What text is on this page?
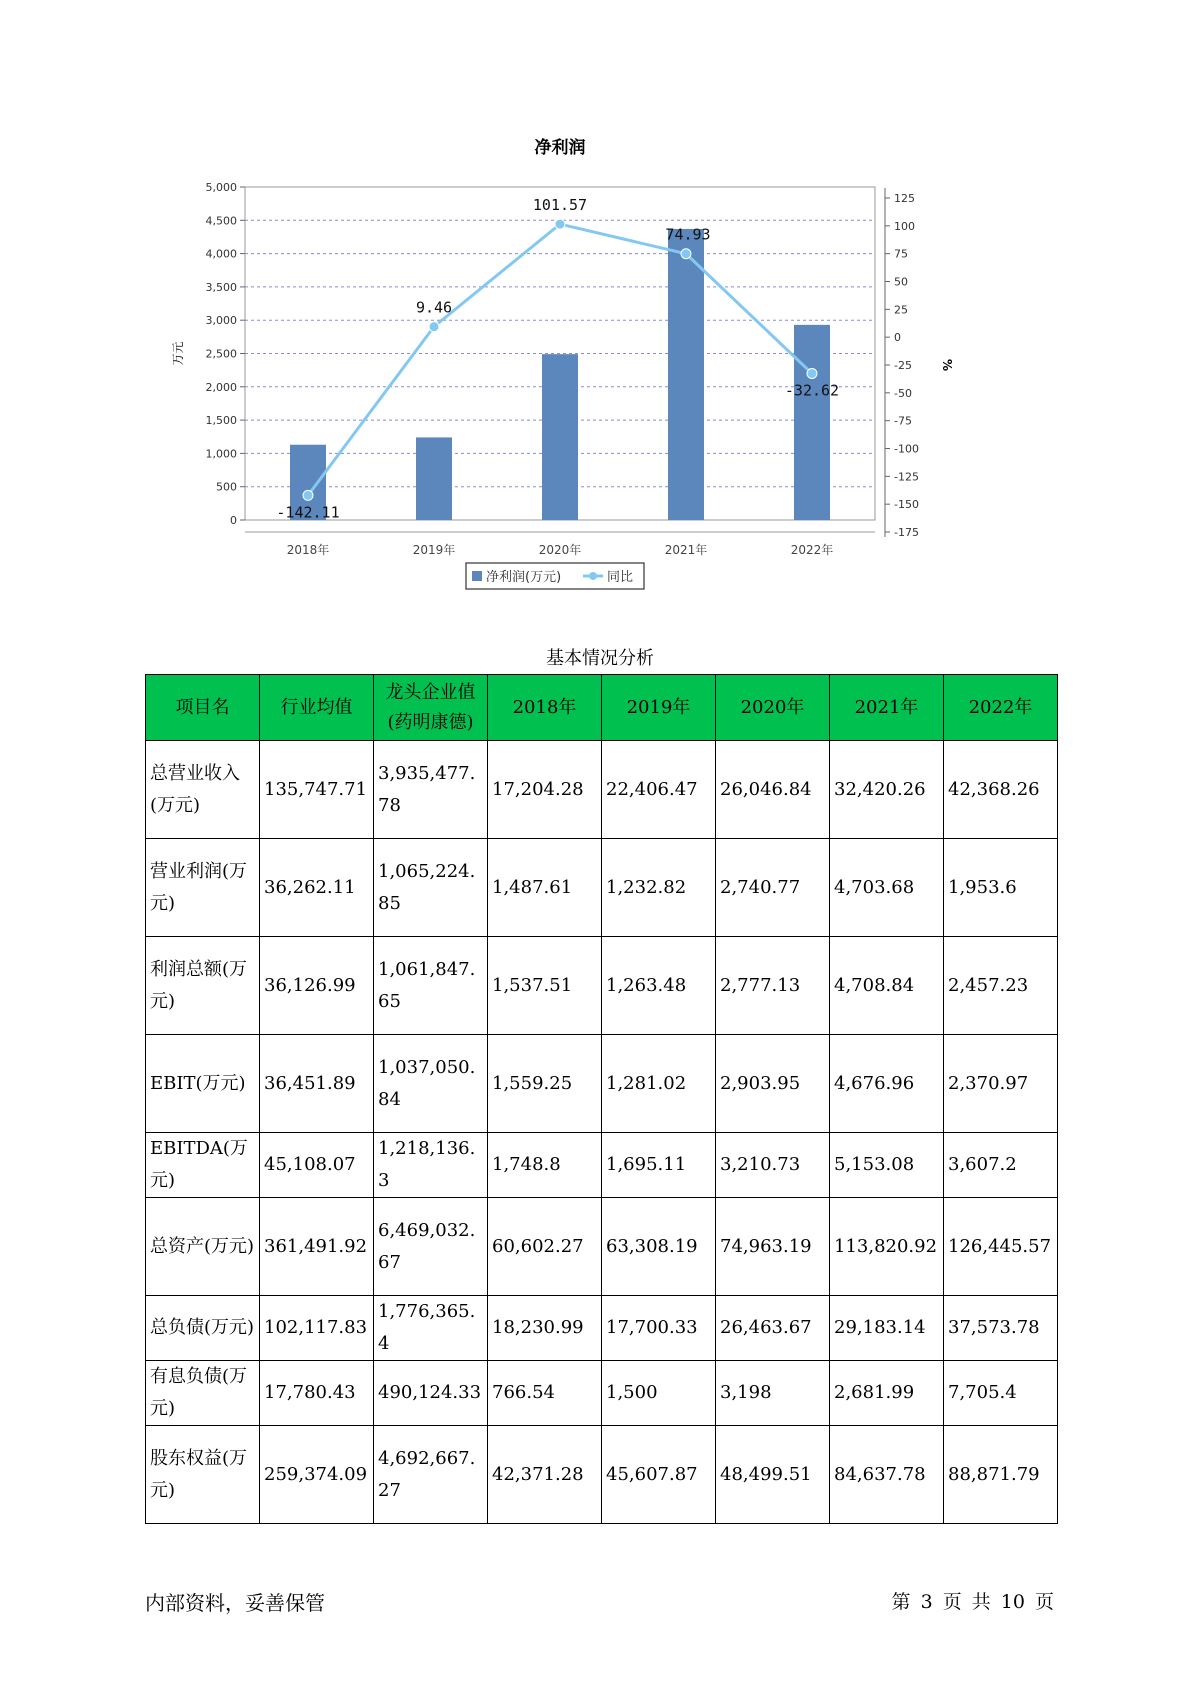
净利润
0
500
1,000
1,500
2,000
2,500
3,000
3,500
4,000
4,500
5,000
万元
-175
-150
-125
-100
-75
-50
-25
0
25
50
75
100
125
%
2018年	2019年	2020年	2021年	2022年
-142.11
9.46
101.57
74.93
-32.62
净利润(万元)	同比
基本情况分析
项目名	行业均值	龙头企业值(药明康德)	2018年	2019年	2020年	2021年	2022年
总营业收入(万元)	135,747.71	3,935,477.78	17,204.28	22,406.47	26,046.84	32,420.26	42,368.26
营业利润(万元)	36,262.11	1,065,224.85	1,487.61	1,232.82	2,740.77	4,703.68	1,953.6
利润总额(万元)	36,126.99	1,061,847.65	1,537.51	1,263.48	2,777.13	4,708.84	2,457.23
EBIT(万元)	36,451.89	1,037,050.84	1,559.25	1,281.02	2,903.95	4,676.96	2,370.97
EBITDA(万元)	45,108.07	1,218,136.3	1,748.8	1,695.11	3,210.73	5,153.08	3,607.2
总资产(万元)	361,491.92	6,469,032.67	60,602.27	63,308.19	74,963.19	113,820.92	126,445.57
总负债(万元)	102,117.83	1,776,365.4	18,230.99	17,700.33	26,463.67	29,183.14	37,573.78
有息负债(万元)	17,780.43	490,124.33	766.54	1,500	3,198	2,681.99	7,705.4
股东权益(万元)	259,374.09	4,692,667.27	42,371.28	45,607.87	48,499.51	84,637.78	88,871.79
内部资料，妥善保管	第 3 页 共 10 页
